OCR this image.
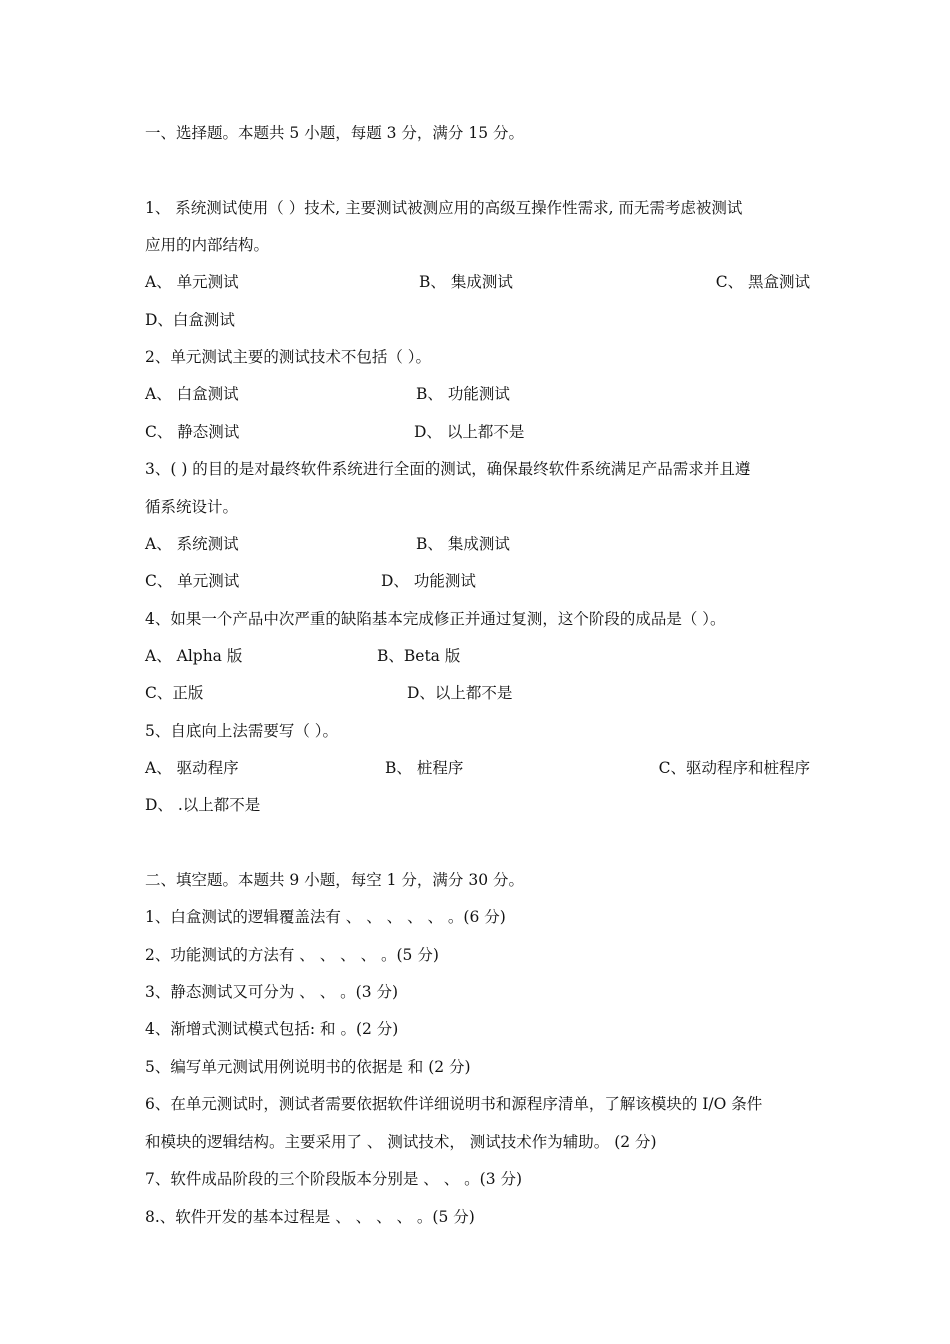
一、选择题。本题共 5 小题，每题 3 分，满分 15 分。
1、 系统测试使用（ ）技术, 主要测试被测应用的高级互操作性需求, 而无需考虑被测试
应用的内部结构。
A、 单元测试	B、 集成测试	C、 黑盒测试
D、白盒测试
2、单元测试主要的测试技术不包括（ ）。
A、 白盒测试	B、 功能测试
C、 静态测试	D、 以上都不是
3、( ) 的目的是对最终软件系统进行全面的测试，确保最终软件系统满足产品需求并且遵
循系统设计。
A、 系统测试	B、 集成测试
C、 单元测试	D、 功能测试
4、如果一个产品中次严重的缺陷基本完成修正并通过复测，这个阶段的成品是（ ）。
A、 Alpha 版	B、Beta 版
C、正版	D、以上都不是
5、自底向上法需要写（ ）。
A、 驱动程序	B、 桩程序	C、驱动程序和桩程序
D、 .以上都不是
二、填空题。本题共 9 小题，每空 1 分，满分 30 分。
1、白盒测试的逻辑覆盖法有 、 、 、 、 、 。(6 分)
2、功能测试的方法有 、 、 、 、 。(5 分)
3、静态测试又可分为 、 、 。(3 分)
4、渐增式测试模式包括: 和 。(2 分)
5、编写单元测试用例说明书的依据是 和 (2 分)
6、在单元测试时，测试者需要依据软件详细说明书和源程序清单，了解该模块的 I/O 条件
和模块的逻辑结构。主要采用了 、 测试技术， 测试技术作为辅助。 (2 分)
7、软件成品阶段的三个阶段版本分别是 、 、 。(3 分)
8.、软件开发的基本过程是 、 、 、 、 。(5 分)
